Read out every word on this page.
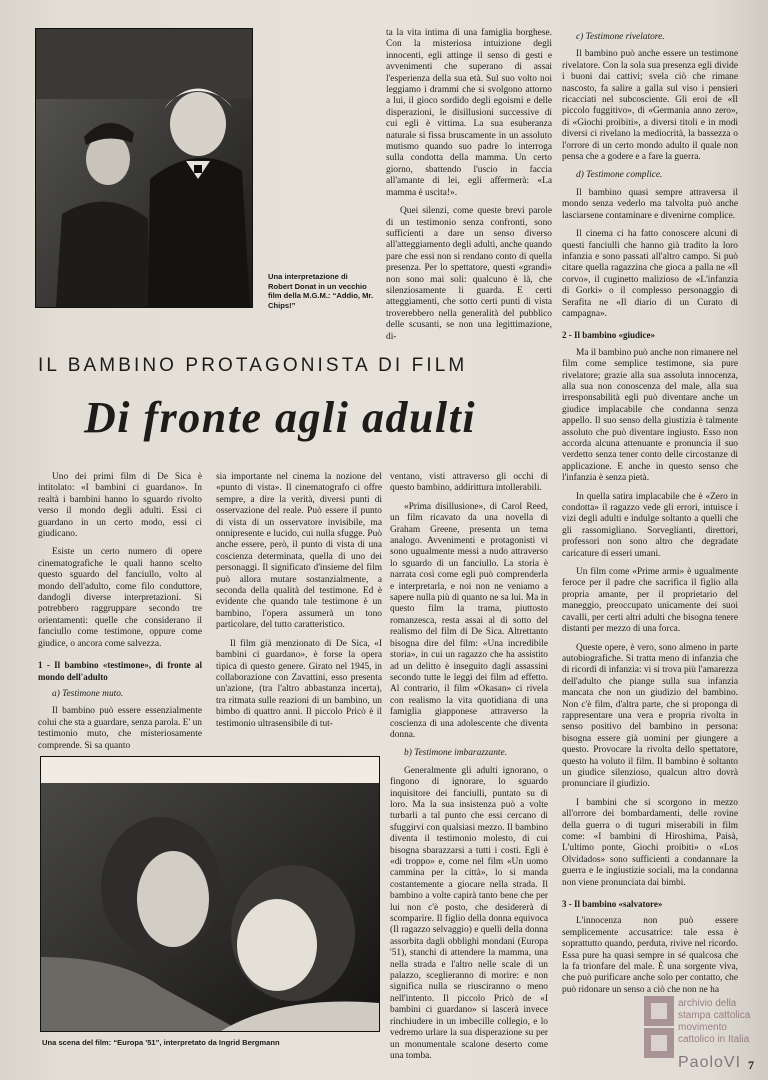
Una interpretazione di Robert Donat in un vecchio film della M.G.M.: “Addio, Mr. Chips!”

ta la vita intima di una famiglia borghese. Con la misteriosa intuizione degli innocenti, egli attinge il senso di gesti e avvenimenti che superano di assai l'esperienza della sua età. Sul suo volto noi leggiamo i drammi che si svolgono attorno a lui, il gioco sordido degli egoismi e delle disperazioni, le disillusioni successive di cui egli è vittima. La sua esuberanza naturale si fissa bruscamente in un assoluto mutismo quando suo padre lo interroga sulla condotta della mamma. Un certo giorno, sbattendo l'uscio in faccia all'amante di lei, egli affermerà: «La mamma è uscita!».

Quei silenzi, come queste brevi parole di un testimonio senza confronti, sono sufficienti a dare un senso diverso all'atteggiamento degli adulti, anche quando pare che essi non si rendano conto di quella presenza. Per lo spettatore, questi «grandi» non sono mai soli: qualcuno è là, che silenziosamente li guarda. E certi atteggiamenti, che sotto certi punti di vista troverebbero nella generalità del pubblico delle scusanti, se non una legittimazione, di-

c) Testimone rivelatore.

Il bambino può anche essere un testimone rivelatore. Con la sola sua presenza egli divide i buoni dai cattivi; svela ciò che rimane nascosto, fa salire a galla sul viso i pensieri ricacciati nel subcosciente. Gli eroi de «Il piccolo fuggitivo», di «Germania anno zero», di «Giochi proibiti», a diversi titoli e in modi diversi ci rivelano la mediocrità, la bassezza o l'orrore di un certo mondo adulto il quale non pensa che a godere e a fare la guerra.

d) Testimone complice.

Il bambino quasi sempre attraversa il mondo senza vederlo ma talvolta può anche lasciarsene contaminare e divenirne complice.

Il cinema ci ha fatto conoscere alcuni di questi fanciulli che hanno già tradito la loro infanzia e sono passati all'altro campo. Si può citare quella ragazzina che gioca a palla ne «Il corvo», il cuginetto malizioso de «L'infanzia di Gorki» o il complesso personaggio di Serafita ne «Il diario di un Curato di campagna».

2 - Il bambino «giudice»

Ma il bambino può anche non rimanere nel film come semplice testimone, sia pure rivelatore; grazie alla sua assoluta innocenza, alla sua non conoscenza del male, alla sua irresponsabilità egli può diventare anche un giudice implacabile che condanna senza appello. Il suo senso della giustizia è talmente assoluto che può diventare ingiusto. Esso non accorda alcuna attenuante e pronuncia il suo verdetto senza tener conto delle circostanze di applicazione. E anche in questo senso che l'infanzia è senza pietà.

In quella satira implacabile che è «Zero in condotta» il ragazzo vede gli errori, intuisce i vizi degli adulti e indulge soltanto a quelli che gli rassomigliano. Sorveglianti, direttori, professori non sono altro che degradate caricature di esseri umani.

Un film come «Prime armi» è ugualmente feroce per il padre che sacrifica il figlio alla propria amante, per il proprietario del maneggio, preoccupato unicamente dei suoi cavalli, per certi altri adulti che bisogna tenere distanti per mezzo di una forca.

Queste opere, è vero, sono almeno in parte autobiografiche. Si tratta meno di infanzia che di ricordi di infanzia: vi si trova più l'amarezza dell'adulto che piange sulla sua infanzia mancata che non un giudizio del bambino. Non c'è film, d'altra parte, che si proponga di rappresentare una vera e propria rivolta in senso positivo del bambino in persona: bisogna essere già uomini per giungere a questo. Provocare la rivolta dello spettatore, questo ha voluto il film. Il bambino è soltanto un giudice silenzioso, qualcun altro dovrà pronunciare il giudizio.

I bambini che si scorgono in mezzo all'orrore dei bombardamenti, delle rovine della guerra o di tuguri miserabili in film come: «I bambini di Hiroshima, Paisà, L'ultimo ponte, Giochi proibiti» o «Los Olvidados» sono sufficienti a condannare la guerra e le ingiustizie sociali, ma la condanna non viene pronunciata dai bimbi.

3 - Il bambino «salvatore»

L'innocenza non può essere semplicemente accusatrice: tale essa è soprattutto quando, perduta, rivive nel ricordo. Essa pure ha quasi sempre in sé qualcosa che la fa trionfare del male. È una sorgente viva, che può purificare anche solo per contatto, che può ridonare un senso a ciò che non ne ha

IL BAMBINO PROTAGONISTA DI FILM
Di fronte agli adulti

Uno dei primi film di De Sica è intitolato: «I bambini ci guardano». In realtà i bambini hanno lo sguardo rivolto verso il mondo degli adulti. Essi ci guardano in un certo modo, essi ci giudicano.

Esiste un certo numero di opere cinematografiche le quali hanno scelto questo sguardo del fanciullo, volto al mondo dell'adulto, come filo conduttore, dandogli diverse interpretazioni. Si potrebbero raggruppare secondo tre orientamenti: quelle che considerano il fanciullo come testimone, oppure come giudice, o ancora come salvezza.

1 - Il bambino «testimone», di fronte al mondo dell'adulto
a) Testimone muto.

Il bambino può essere essenzialmente colui che sta a guardare, senza parola. E' un testimonio muto, che misteriosamente comprende. Si sa quanto

sia importante nel cinema la nozione del «punto di vista». Il cinematografo ci offre sempre, a dire la verità, diversi punti di osservazione del reale. Può essere il punto di vista di un osservatore invisibile, ma onnipresente e lucido, cui nulla sfugge. Può anche essere, però, il punto di vista di una coscienza determinata, quella di uno dei personaggi. Il significato d'insieme del film può allora mutare sostanzialmente, a seconda della qualità del testimone. Ed è evidente che quando tale testimone è un bambino, l'opera assumerà un tono particolare, del tutto caratteristico.

Il film già menzionato di De Sica, «I bambini ci guardano», è forse la opera tipica di questo genere. Girato nel 1945, in collaborazione con Zavattini, esso presenta un'azione, (tra l'altro abbastanza incerta), tra ritmata sulle reazioni di un bambino, un bimbo di quattro anni. Il piccolo Pricò è il testimonio ultrasensibile di tut-

ventano, visti attraverso gli occhi di questo bambino, addirittura intollerabili.

«Prima disillusione», di Carol Reed, un film ricavato da una novella di Graham Greene, presenta un tema analogo. Avvenimenti e protagonisti vi sono ugualmente messi a nudo attraverso lo sguardo di un fanciullo. La storia è narrata così come egli può comprenderla e interpretarla, e noi non ne veniamo a sapere nulla più di quanto ne sa lui. Ma in questo film la trama, piuttosto romanzesca, resta assai al di sotto del realismo del film di De Sica. Altrettanto bisogna dire del film: «Una incredibile storia», in cui un ragazzo che ha assistito ad un delitto è inseguito dagli assassini secondo tutte le leggi dei film ad effetto. Al contrario, il film «Okasan» ci rivela con realismo la vita quotidiana di una famiglia giapponese attraverso la coscienza di una adolescente che diventa donna.

b) Testimone imbarazzante.

Generalmente gli adulti ignorano, o fingono di ignorare, lo sguardo inquisitore dei fanciulli, puntato su di loro. Ma la sua insistenza può a volte turbarli a tal punto che essi cercano di sfuggirvi con qualsiasi mezzo. Il bambino diventa il testimonio molesto, di cui bisogna sbarazzarsi a tutti i costi. Egli è «di troppo» e, come nel film «Un uomo cammina per la città», lo si manda costantemente a giocare nella strada. Il bambino a volte capirà tanto bene che per lui non c'è posto, che desidererà di scomparire. Il figlio della donna equivoca (Il ragazzo selvaggio) e quelli della donna assorbita dagli obblighi mondani (Europa '51), stanchi di attendere la mamma, una nella strada e l'altro nelle scale di un palazzo, sceglieranno di morire: e non significa nulla se riusciranno o meno nell'intento. Il piccolo Pricò de «I bambini ci guardano» si lascerà invece rinchiudere in un imbecille collegio, e lo vedremo urlare la sua disperazione su per un monumentale scalone deserto come una tomba.

Una scena del film: “Europa '51”, interpretato da Ingrid Bergmann
archivio della stampa cattolica movimento cattolico in Italia
PaoloVI 7
